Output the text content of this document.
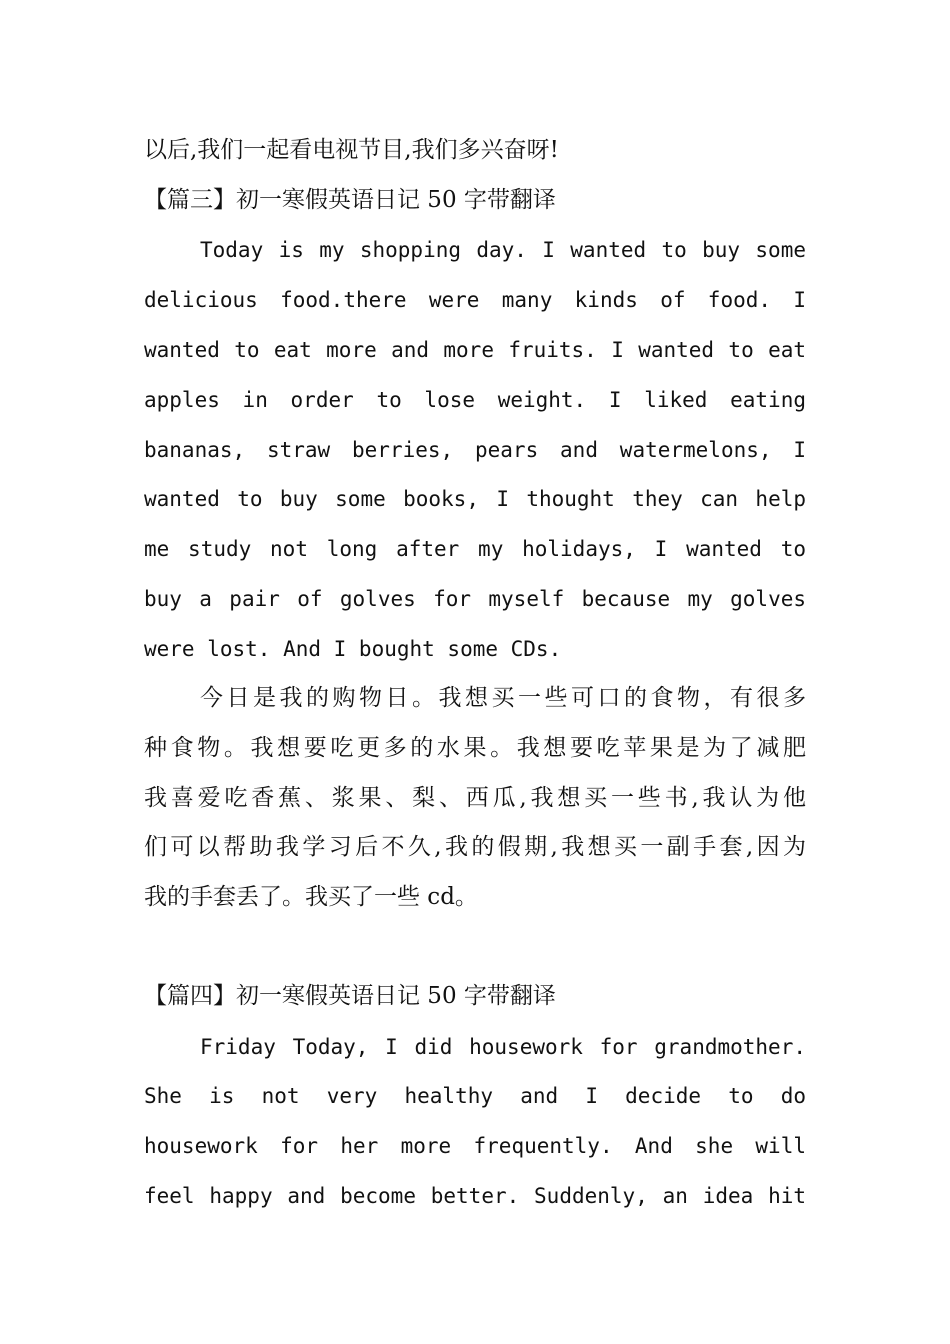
以后,我们一起看电视节目,我们多兴奋呀!
【篇三】初一寒假英语日记 50 字带翻译
Today is my shopping day. I wanted to buy some
delicious food.there were many kinds of food. I
wanted to eat more and more fruits. I wanted to eat
apples in order to lose weight. I liked eating
bananas, straw berries, pears and watermelons, I
wanted to buy some books, I thought they can help
me study not long after my holidays, I wanted to
buy a pair of golves for myself because my golves
were lost. And I bought some CDs.
今日是我的购物日。我想买一些可口的食物，有很多
种食物。我想要吃更多的水果。我想要吃苹果是为了减肥
我喜爱吃香蕉、浆果、梨、西瓜,我想买一些书,我认为他
们可以帮助我学习后不久,我的假期,我想买一副手套,因为
我的手套丢了。我买了一些 cd。
【篇四】初一寒假英语日记 50 字带翻译
Friday Today, I did housework for grandmother.
She is not very healthy and I decide to do
housework for her more frequently. And she will
feel happy and become better. Suddenly, an idea hit
